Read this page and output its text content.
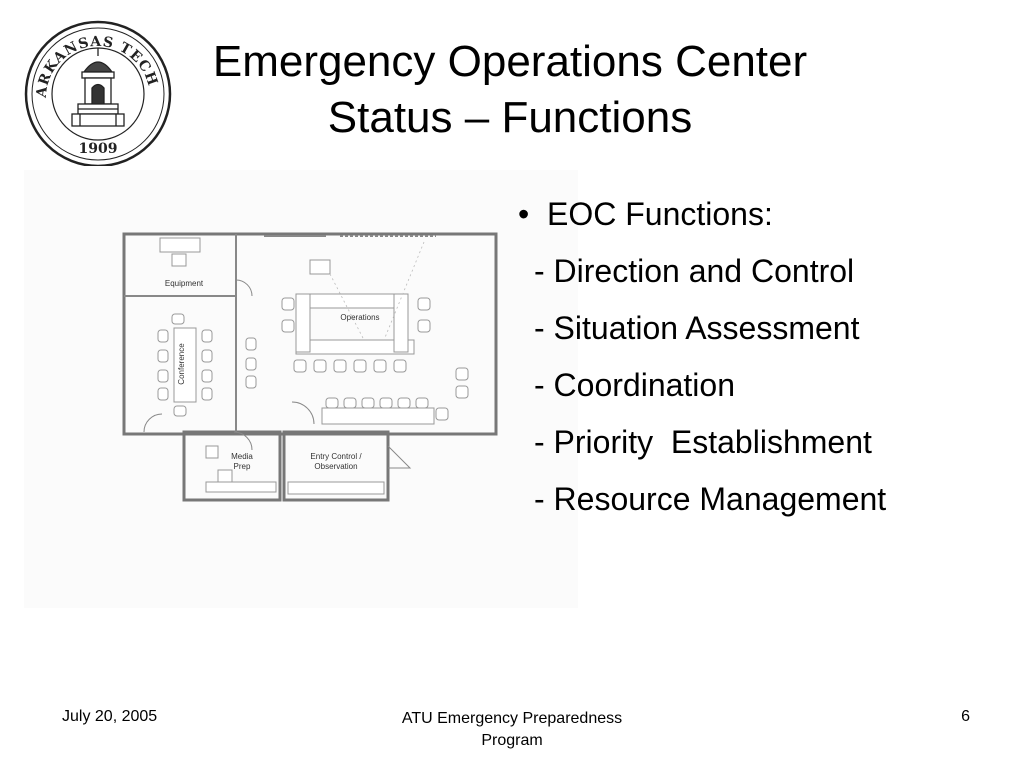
ARKANSAS TECH
1909
Emergency Operations Center
Status – Functions
Equipment
Operations
Conference
Media
Prep
Entry Control /
Observation
• EOC Functions:
- Direction and Control
- Situation Assessment
- Coordination
- Priority  Establishment
- Resource Management
July 20, 2005	ATU Emergency Preparedness
Program
6
